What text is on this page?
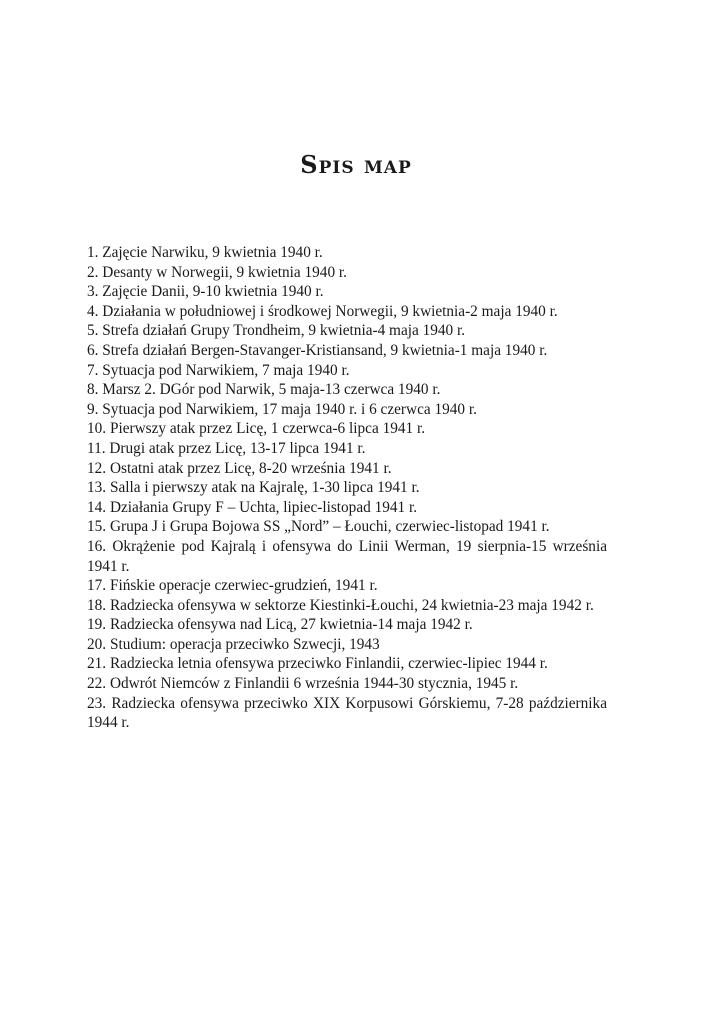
Spis map
1. Zajęcie Narwiku, 9 kwietnia 1940 r.
2. Desanty w Norwegii, 9 kwietnia 1940 r.
3. Zajęcie Danii, 9-10 kwietnia 1940 r.
4. Działania w południowej i środkowej Norwegii, 9 kwietnia-2 maja 1940 r.
5. Strefa działań Grupy Trondheim, 9 kwietnia-4 maja 1940 r.
6. Strefa działań Bergen-Stavanger-Kristiansand, 9 kwietnia-1 maja 1940 r.
7. Sytuacja pod Narwikiem, 7 maja 1940 r.
8. Marsz 2. DGór pod Narwik, 5 maja-13 czerwca 1940 r.
9. Sytuacja pod Narwikiem, 17 maja 1940 r. i 6 czerwca 1940 r.
10. Pierwszy atak przez Licę, 1 czerwca-6 lipca 1941 r.
11. Drugi atak przez Licę, 13-17 lipca 1941 r.
12. Ostatni atak przez Licę, 8-20 września 1941 r.
13. Salla i pierwszy atak na Kajralę, 1-30 lipca 1941 r.
14. Działania Grupy F – Uchta, lipiec-listopad 1941 r.
15. Grupa J i Grupa Bojowa SS „Nord” – Łouchi, czerwiec-listopad 1941 r.
16. Okrążenie pod Kajralą i ofensywa do Linii Werman, 19 sierpnia-15 września 1941 r.
17. Fińskie operacje czerwiec-grudzień, 1941 r.
18. Radziecka ofensywa w sektorze Kiestinki-Łouchi, 24 kwietnia-23 maja 1942 r.
19. Radziecka ofensywa nad Licą, 27 kwietnia-14 maja 1942 r.
20. Studium: operacja przeciwko Szwecji, 1943
21. Radziecka letnia ofensywa przeciwko Finlandii, czerwiec-lipiec 1944 r.
22. Odwrót Niemców z Finlandii 6 września 1944-30 stycznia, 1945 r.
23. Radziecka ofensywa przeciwko XIX Korpusowi Górskiemu, 7-28 października 1944 r.
